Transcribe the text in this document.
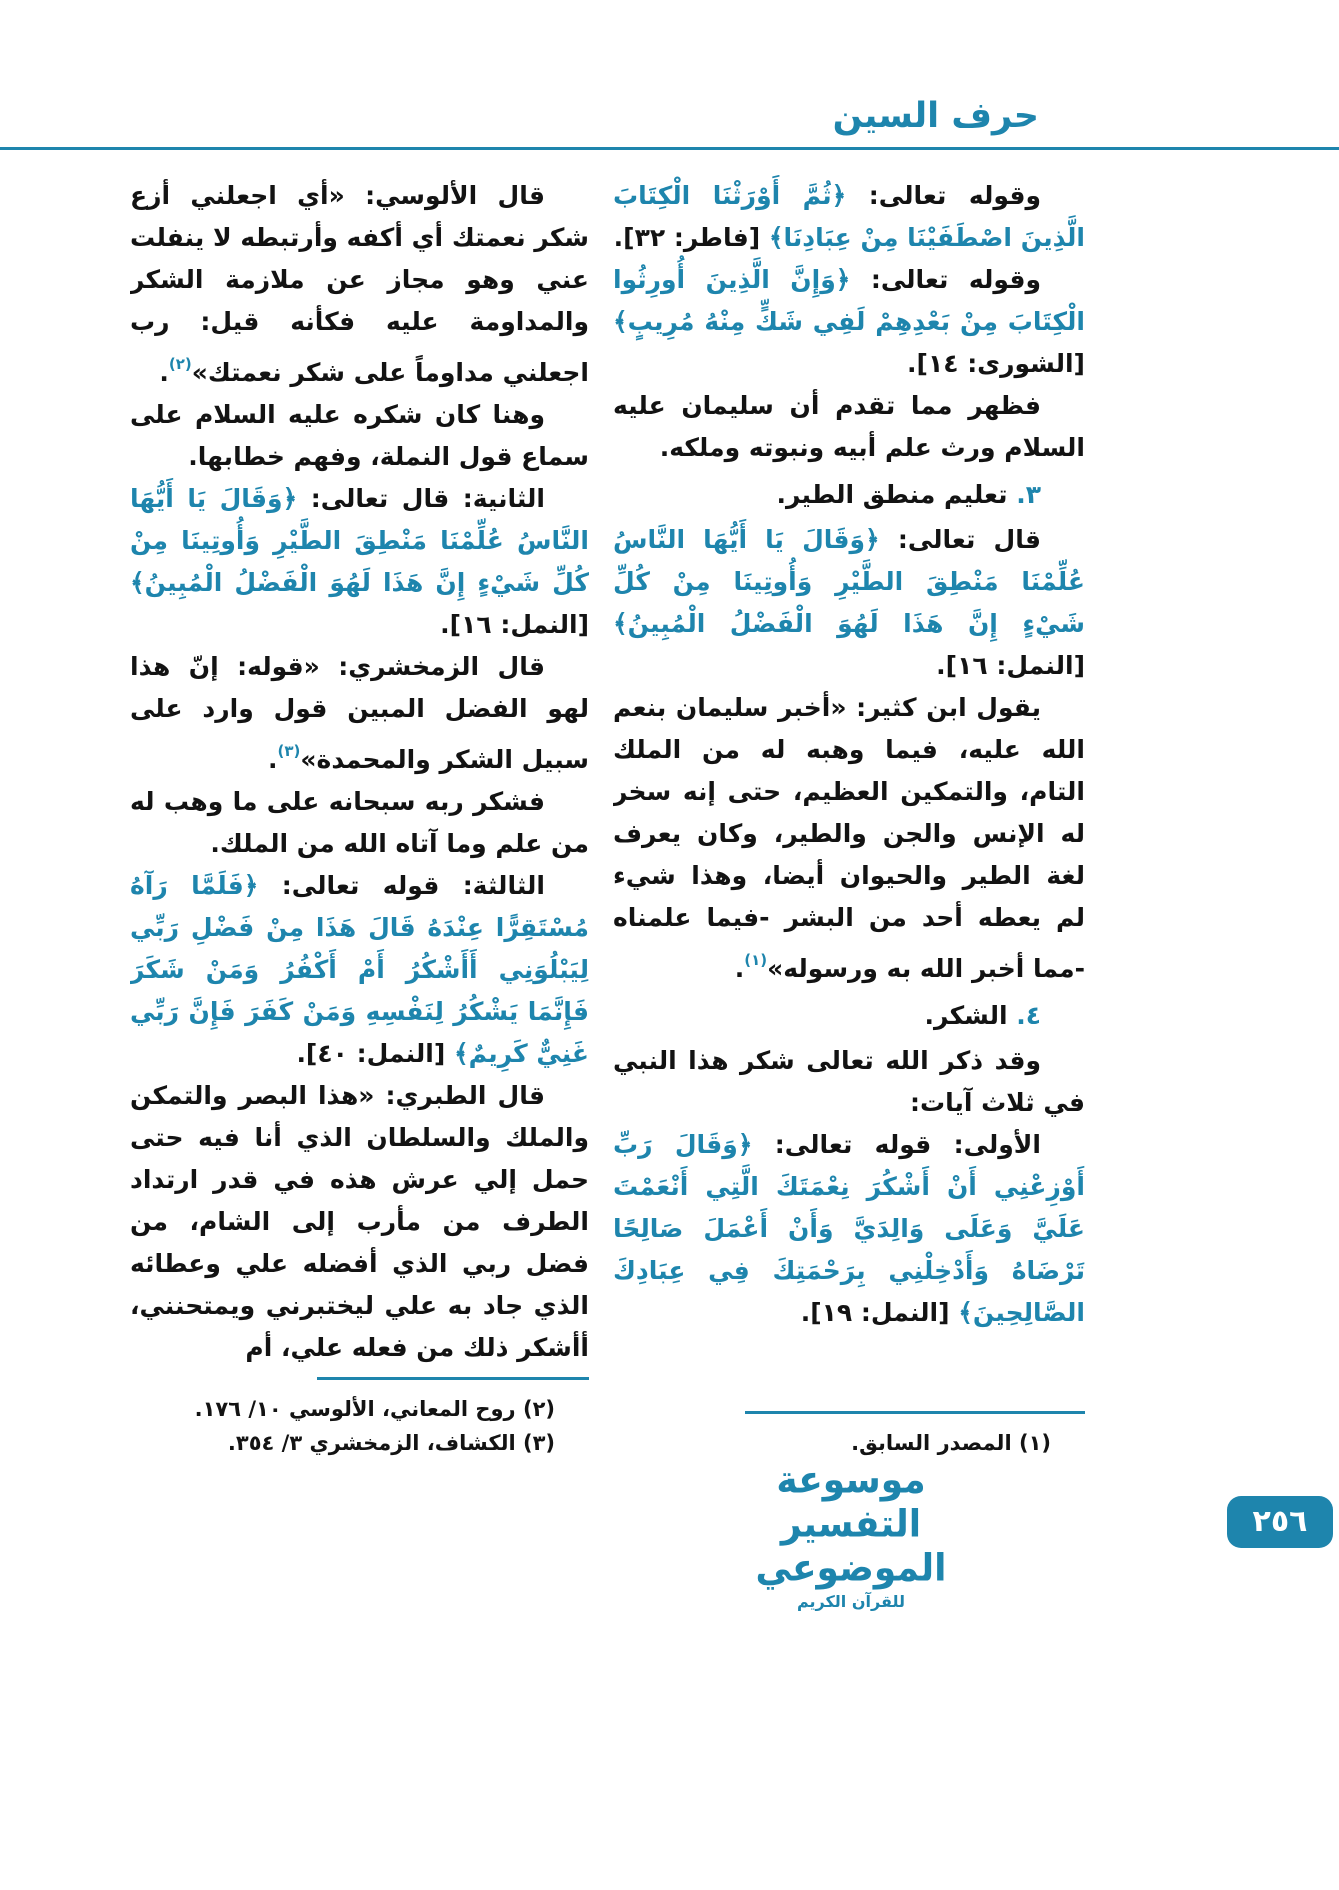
حرف السين

وقوله تعالى: ﴿ثُمَّ أَوْرَثْنَا الْكِتَابَ الَّذِينَ اصْطَفَيْنَا مِنْ عِبَادِنَا﴾ [فاطر: ٣٢].

وقوله تعالى: ﴿وَإِنَّ الَّذِينَ أُورِثُوا الْكِتَابَ مِنْ بَعْدِهِمْ لَفِي شَكٍّ مِنْهُ مُرِيبٍ﴾ [الشورى: ١٤].

فظهر مما تقدم أن سليمان عليه السلام ورث علم أبيه ونبوته وملكه.

٣. تعليم منطق الطير.

قال تعالى: ﴿وَقَالَ يَا أَيُّهَا النَّاسُ عُلِّمْنَا مَنْطِقَ الطَّيْرِ وَأُوتِينَا مِنْ كُلِّ شَيْءٍ إِنَّ هَذَا لَهُوَ الْفَضْلُ الْمُبِينُ﴾ [النمل: ١٦].

يقول ابن كثير: «أخبر سليمان بنعم الله عليه، فيما وهبه له من الملك التام، والتمكين العظيم، حتى إنه سخر له الإنس والجن والطير، وكان يعرف لغة الطير والحيوان أيضا، وهذا شيء لم يعطه أحد من البشر -فيما علمناه -مما أخبر الله به ورسوله»$^{(١)}$.

٤. الشكر.

وقد ذكر الله تعالى شكر هذا النبي في ثلاث آيات:

الأولى: قوله تعالى: ﴿وَقَالَ رَبِّ أَوْزِعْنِي أَنْ أَشْكُرَ نِعْمَتَكَ الَّتِي أَنْعَمْتَ عَلَيَّ وَعَلَى وَالِدَيَّ وَأَنْ أَعْمَلَ صَالِحًا تَرْضَاهُ وَأَدْخِلْنِي بِرَحْمَتِكَ فِي عِبَادِكَ الصَّالِحِينَ﴾ [النمل: ١٩].

(١) المصدر السابق.

قال الألوسي: «أي اجعلني أزع شكر نعمتك أي أكفه وأرتبطه لا ينفلت عني وهو مجاز عن ملازمة الشكر والمداومة عليه فكأنه قيل: رب اجعلني مداوماً على شكر نعمتك»$^{(٢)}$.

وهنا كان شكره عليه السلام على سماع قول النملة، وفهم خطابها.

الثانية: قال تعالى: ﴿وَقَالَ يَا أَيُّهَا النَّاسُ عُلِّمْنَا مَنْطِقَ الطَّيْرِ وَأُوتِينَا مِنْ كُلِّ شَيْءٍ إِنَّ هَذَا لَهُوَ الْفَضْلُ الْمُبِينُ﴾ [النمل: ١٦].

قال الزمخشري: «قوله: إنّ هذا لهو الفضل المبين قول وارد على سبيل الشكر والمحمدة»$^{(٣)}$.

فشكر ربه سبحانه على ما وهب له من علم وما آتاه الله من الملك.

الثالثة: قوله تعالى: ﴿فَلَمَّا رَآهُ مُسْتَقِرًّا عِنْدَهُ قَالَ هَذَا مِنْ فَضْلِ رَبِّي لِيَبْلُوَنِي أَأَشْكُرُ أَمْ أَكْفُرُ وَمَنْ شَكَرَ فَإِنَّمَا يَشْكُرُ لِنَفْسِهِ وَمَنْ كَفَرَ فَإِنَّ رَبِّي غَنِيٌّ كَرِيمٌ﴾ [النمل: ٤٠].

قال الطبري: «هذا البصر والتمكن والملك والسلطان الذي أنا فيه حتى حمل إلي عرش هذه في قدر ارتداد الطرف من مأرب إلى الشام، من فضل ربي الذي أفضله علي وعطائه الذي جاد به علي ليختبرني ويمتحنني، أأشكر ذلك من فعله علي، أم

(٢) روح المعاني، الألوسي ١٠/ ١٧٦.

(٣) الكشاف، الزمخشري ٣/ ٣٥٤.

موسوعة التفسير الموضوعي
للقرآن الكريم
٢٥٦
